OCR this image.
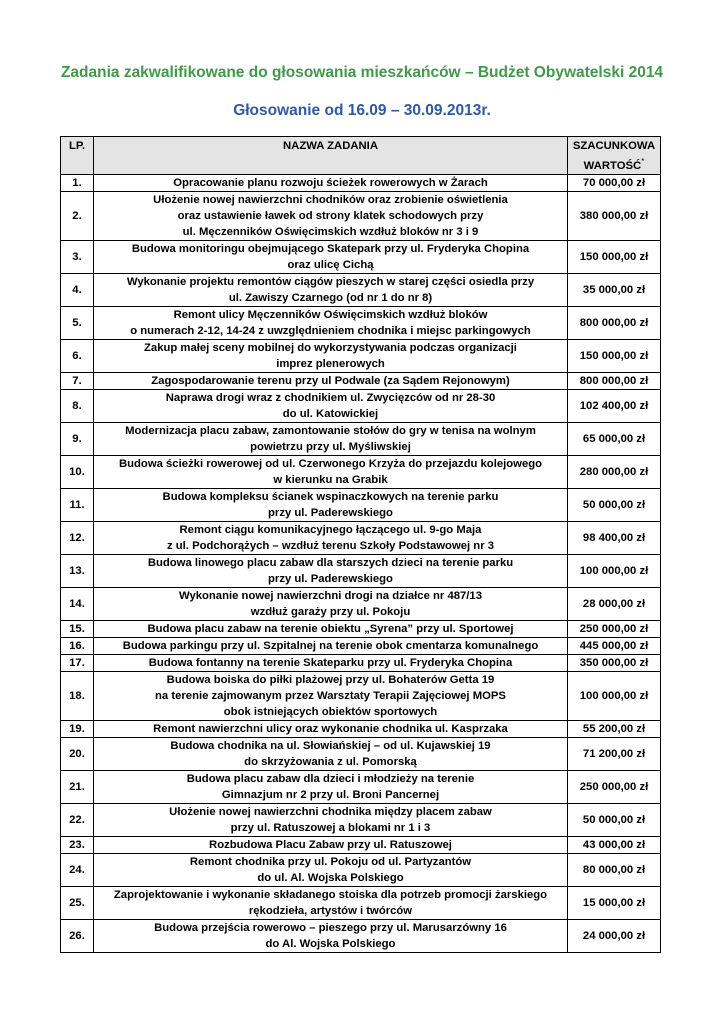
Zadania zakwalifikowane do głosowania mieszkańców – Budżet Obywatelski 2014
Głosowanie od 16.09 – 30.09.2013r.
LP.	NAZWA ZADANIA	SZACUNKOWA WARTOŚĆ*
1.	Opracowanie planu rozwoju ścieżek rowerowych w Żarach	70 000,00 zł
2.	Ułożenie nowej nawierzchni chodników oraz zrobienie oświetlenia
oraz ustawienie ławek od strony klatek schodowych przy
ul. Męczenników Oświęcimskich wzdłuż bloków nr 3 i 9	380 000,00 zł
3.	Budowa monitoringu obejmującego Skatepark przy ul. Fryderyka Chopina
oraz ulicę Cichą	150 000,00 zł
4.	Wykonanie projektu remontów ciągów pieszych w starej części osiedla przy
ul. Zawiszy Czarnego (od nr 1 do nr 8)	35 000,00 zł
5.	Remont ulicy Męczenników Oświęcimskich wzdłuż bloków
o numerach 2-12, 14-24 z uwzględnieniem chodnika i miejsc parkingowych	800 000,00 zł
6.	Zakup małej sceny mobilnej do wykorzystywania podczas organizacji
imprez plenerowych	150 000,00 zł
7.	Zagospodarowanie terenu przy ul Podwale (za Sądem Rejonowym)	800 000,00 zł
8.	Naprawa drogi wraz z chodnikiem ul. Zwycięzców od nr 28-30
do ul. Katowickiej	102 400,00 zł
9.	Modernizacja placu zabaw, zamontowanie stołów do gry w tenisa na wolnym
powietrzu przy ul. Myśliwskiej	65 000,00 zł
10.	Budowa ścieżki rowerowej od ul. Czerwonego Krzyża do przejazdu kolejowego
w kierunku na Grabik	280 000,00 zł
11.	Budowa kompleksu ścianek wspinaczkowych na terenie parku
przy ul. Paderewskiego	50 000,00 zł
12.	Remont ciągu komunikacyjnego łączącego ul. 9-go Maja
z ul. Podchorążych – wzdłuż terenu Szkoły Podstawowej nr 3	98 400,00 zł
13.	Budowa linowego placu zabaw dla starszych dzieci na terenie parku
przy ul. Paderewskiego	100 000,00 zł
14.	Wykonanie nowej nawierzchni drogi na działce nr 487/13
wzdłuż garaży przy ul. Pokoju	28 000,00 zł
15.	Budowa placu zabaw na terenie obiektu „Syrena” przy ul. Sportowej	250 000,00 zł
16.	Budowa parkingu przy ul. Szpitalnej na terenie obok cmentarza komunalnego	445 000,00 zł
17.	Budowa fontanny na terenie Skateparku przy ul. Fryderyka Chopina	350 000,00 zł
18.	Budowa boiska do piłki plażowej przy ul. Bohaterów Getta 19
na terenie zajmowanym przez Warsztaty Terapii Zajęciowej MOPS
obok istniejących obiektów sportowych	100 000,00 zł
19.	Remont nawierzchni ulicy oraz wykonanie chodnika ul. Kasprzaka	55 200,00 zł
20.	Budowa chodnika na ul. Słowiańskiej – od ul. Kujawskiej 19
do skrzyżowania z ul. Pomorską	71 200,00 zł
21.	Budowa placu zabaw dla dzieci i młodzieży na terenie
Gimnazjum nr 2 przy ul. Broni Pancernej	250 000,00 zł
22.	Ułożenie nowej nawierzchni chodnika między placem zabaw
przy ul. Ratuszowej a blokami nr 1 i 3	50 000,00 zł
23.	Rozbudowa Placu Zabaw przy ul. Ratuszowej	43 000,00 zł
24.	Remont chodnika przy ul. Pokoju od ul. Partyzantów
do ul. Al. Wojska Polskiego	80 000,00 zł
25.	Zaprojektowanie i wykonanie składanego stoiska dla potrzeb promocji żarskiego
rękodzieła, artystów i twórców	15 000,00 zł
26.	Budowa przejścia rowerowo – pieszego przy ul. Marusarzówny 16
do Al. Wojska Polskiego	24 000,00 zł
